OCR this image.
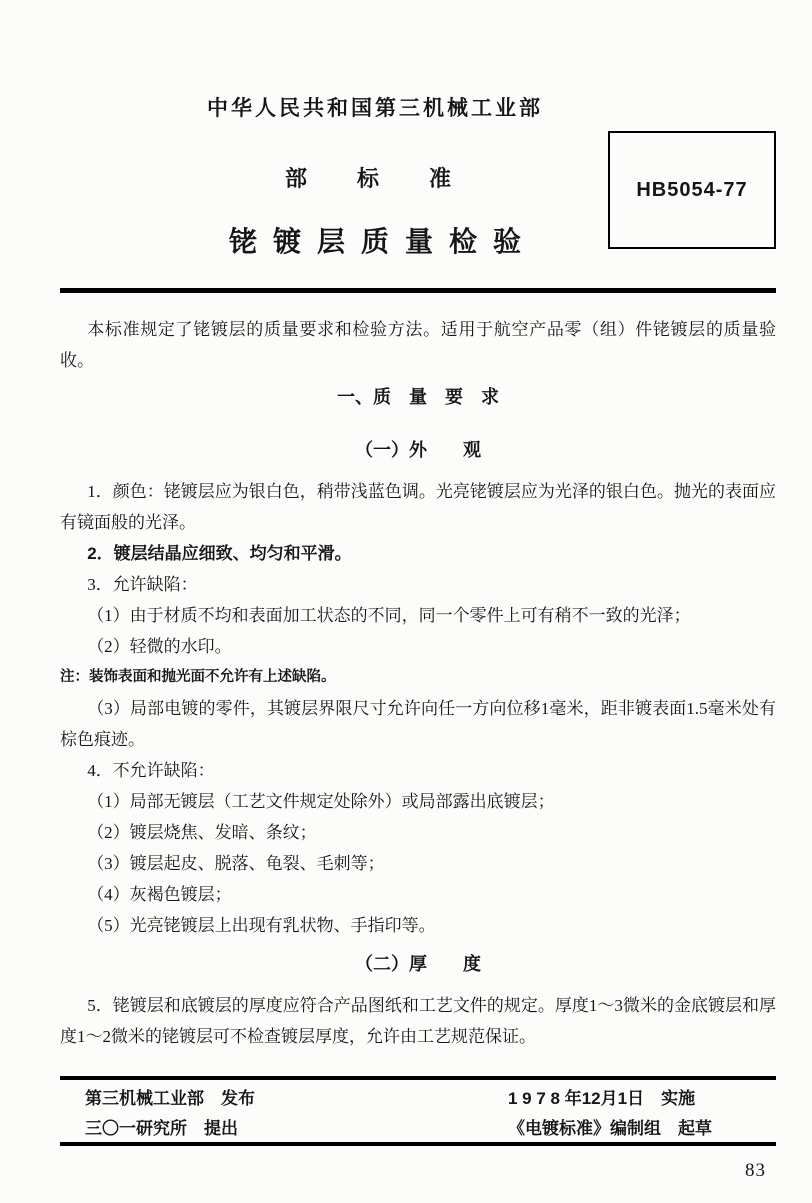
中华人民共和国第三机械工业部
部　标　准	HB5054-77
铑镀层质量检验

本标准规定了铑镀层的质量要求和检验方法。适用于航空产品零（组）件铑镀层的质量验收。

一、质　量　要　求
（一）外　　观

1．颜色：铑镀层应为银白色，稍带浅蓝色调。光亮铑镀层应为光泽的银白色。抛光的表面应有镜面般的光泽。

2．镀层结晶应细致、均匀和平滑。

3．允许缺陷：

（1）由于材质不均和表面加工状态的不同，同一个零件上可有稍不一致的光泽；

（2）轻微的水印。

注：装饰表面和抛光面不允许有上述缺陷。

（3）局部电镀的零件，其镀层界限尺寸允许向任一方向位移1毫米，距非镀表面1.5毫米处有棕色痕迹。

4．不允许缺陷：

（1）局部无镀层（工艺文件规定处除外）或局部露出底镀层；

（2）镀层烧焦、发暗、条纹；

（3）镀层起皮、脱落、龟裂、毛刺等；

（4）灰褐色镀层；

（5）光亮铑镀层上出现有乳状物、手指印等。

（二）厚　　度

5．铑镀层和底镀层的厚度应符合产品图纸和工艺文件的规定。厚度1～3微米的金底镀层和厚度1～2微米的铑镀层可不检查镀层厚度，允许由工艺规范保证。

第三机械工业部　发布	1 9 7 8 年12月1日　实施
三〇一研究所　提出	《电镀标准》编制组　起草
83
